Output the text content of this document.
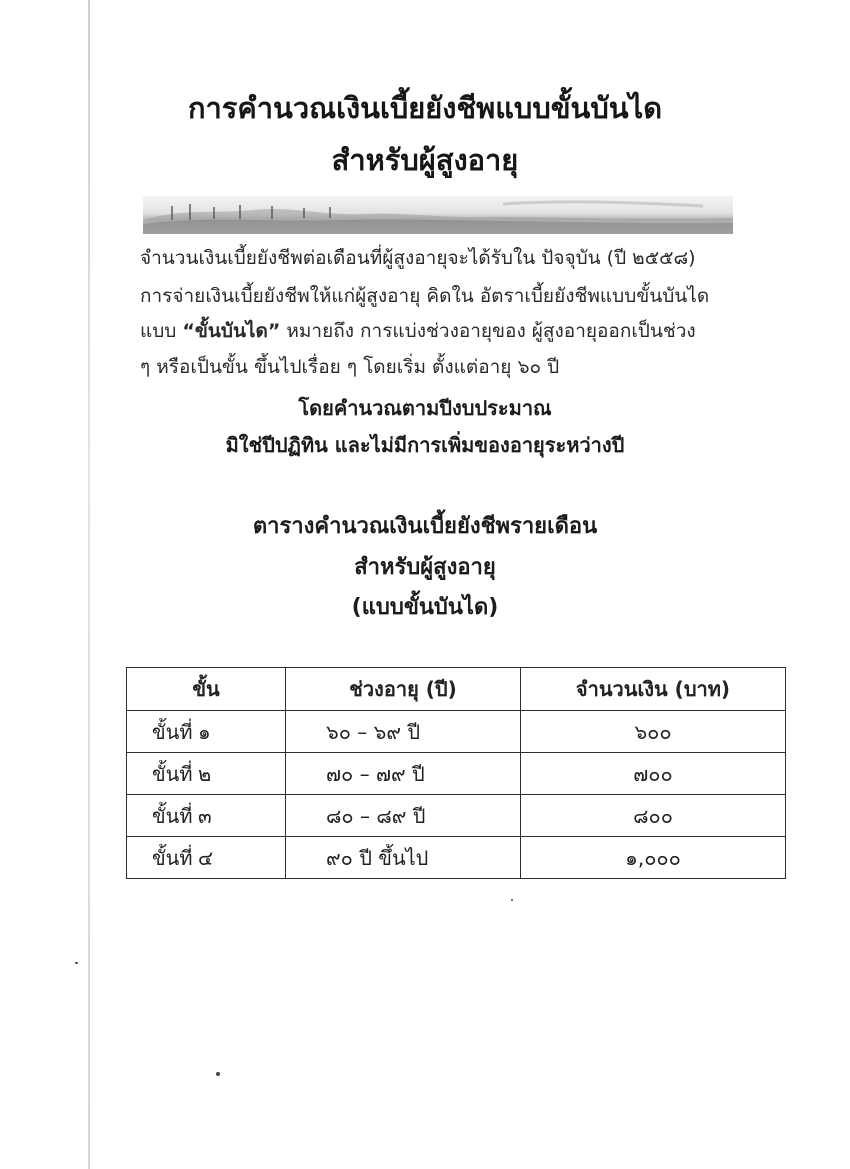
การคำนวณเงินเบี้ยยังชีพแบบขั้นบันได
สำหรับผู้สูงอายุ
จำนวนเงินเบี้ยยังชีพต่อเดือนที่ผู้สูงอายุจะได้รับใน ปัจจุบัน (ปี ๒๕๕๘)
การจ่ายเงินเบี้ยยังชีพให้แก่ผู้สูงอายุ คิดใน อัตราเบี้ยยังชีพแบบขั้นบันได
แบบ “ขั้นบันได” หมายถึง การแบ่งช่วงอายุของ ผู้สูงอายุออกเป็นช่วง
ๆ หรือเป็นขั้น ขึ้นไปเรื่อย ๆ โดยเริ่ม ตั้งแต่อายุ ๖๐ ปี
โดยคำนวณตามปีงบประมาณ
มิใช่ปีปฏิทิน และไม่มีการเพิ่มของอายุระหว่างปี
ตารางคำนวณเงินเบี้ยยังชีพรายเดือน
สำหรับผู้สูงอายุ
(แบบขั้นบันได)
ขั้น	ช่วงอายุ (ปี)	จำนวนเงิน (บาท)
ขั้นที่ ๑	๖๐ – ๖๙ ปี	๖๐๐
ขั้นที่ ๒	๗๐ – ๗๙ ปี	๗๐๐
ขั้นที่ ๓	๘๐ – ๘๙ ปี	๘๐๐
ขั้นที่ ๔	๙๐ ปี ขึ้นไป	๑,๐๐๐
